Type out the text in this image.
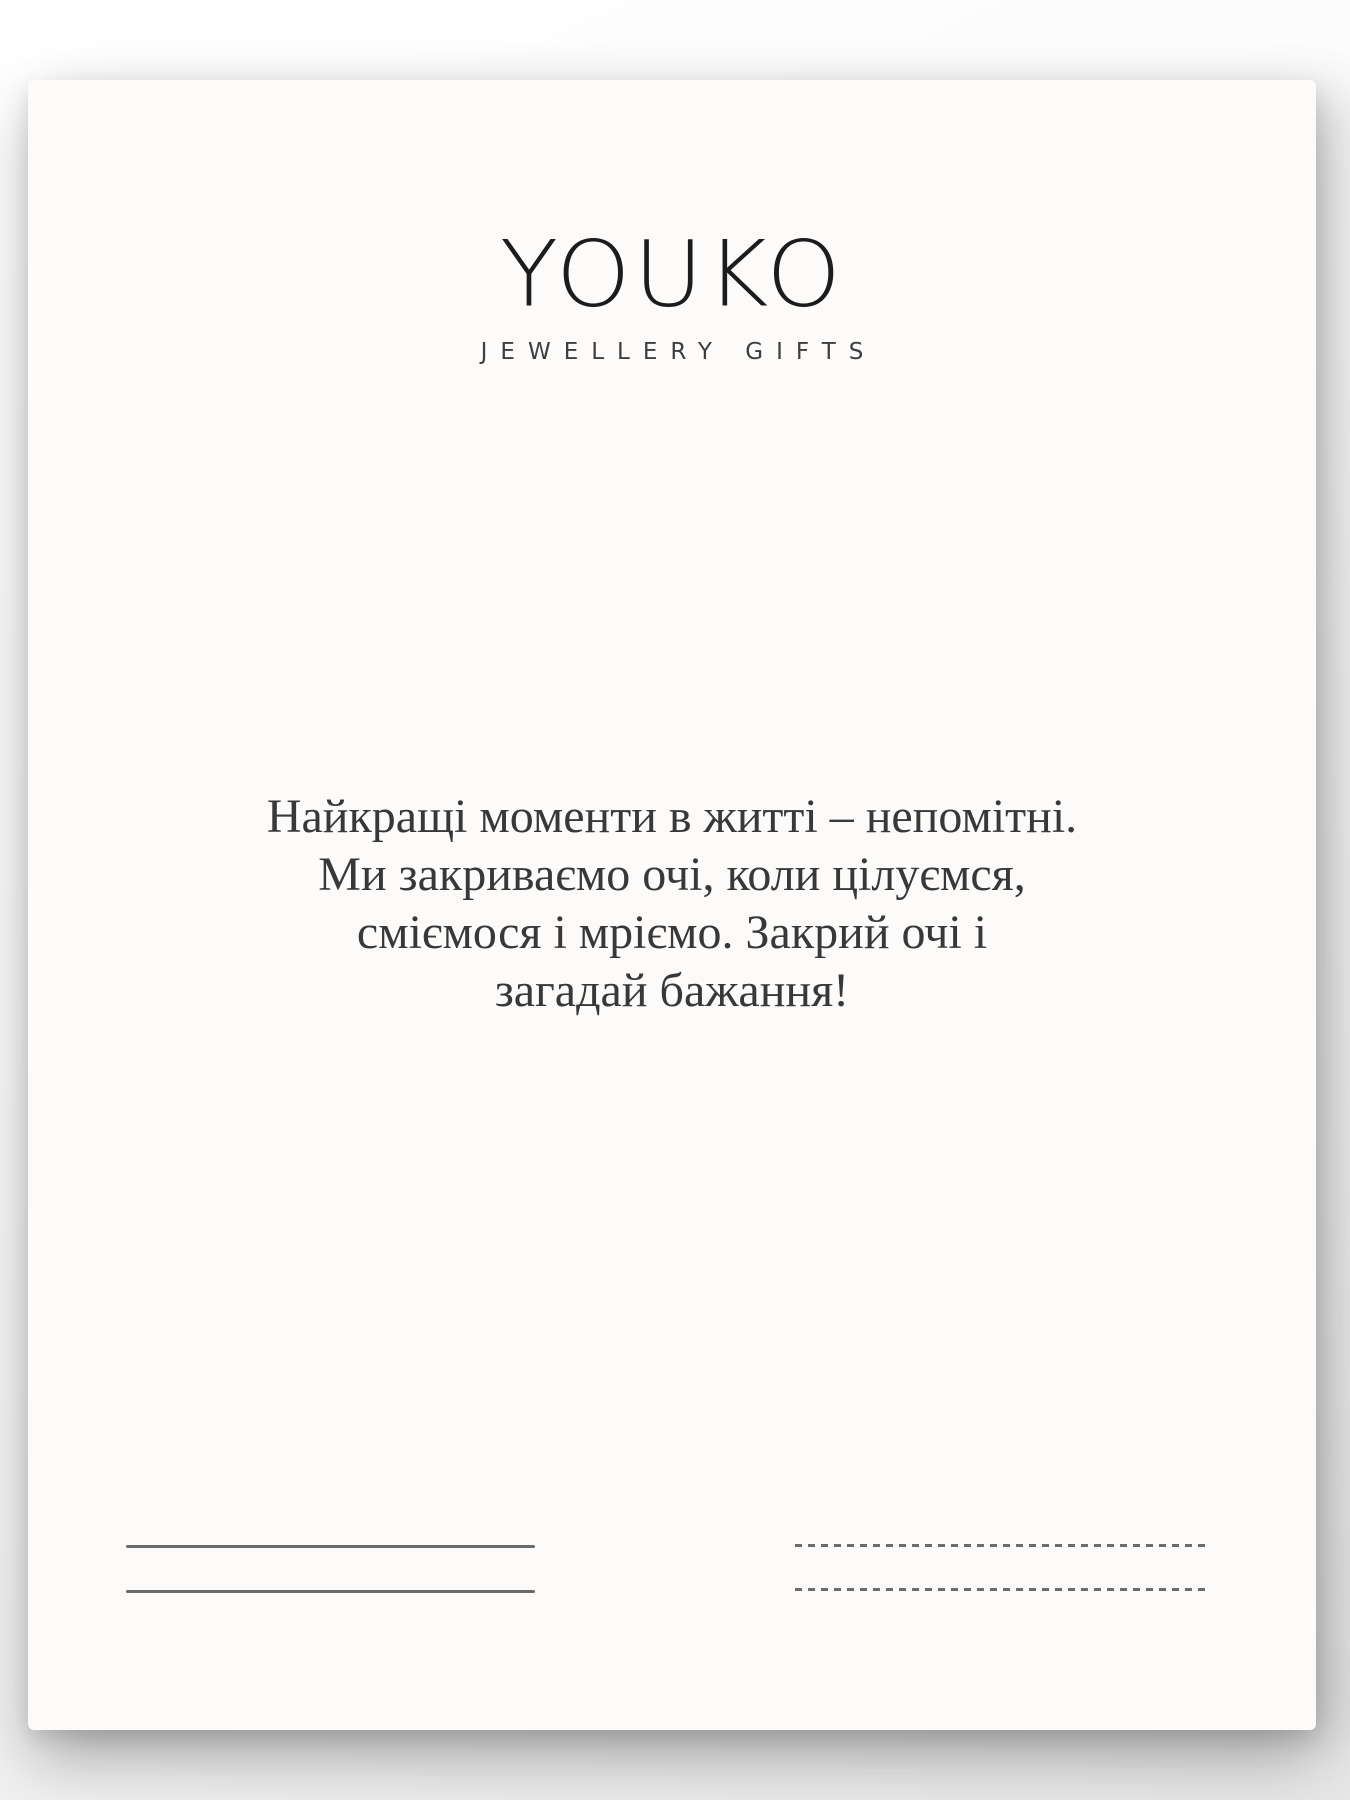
YOUKO
JEWELLERY GIFTS
Найкращі моменти в житті – непомітні.
Ми закриваємо очі, коли цілуємся,
сміємося і мріємо. Закрий очі і
загадай бажання!
